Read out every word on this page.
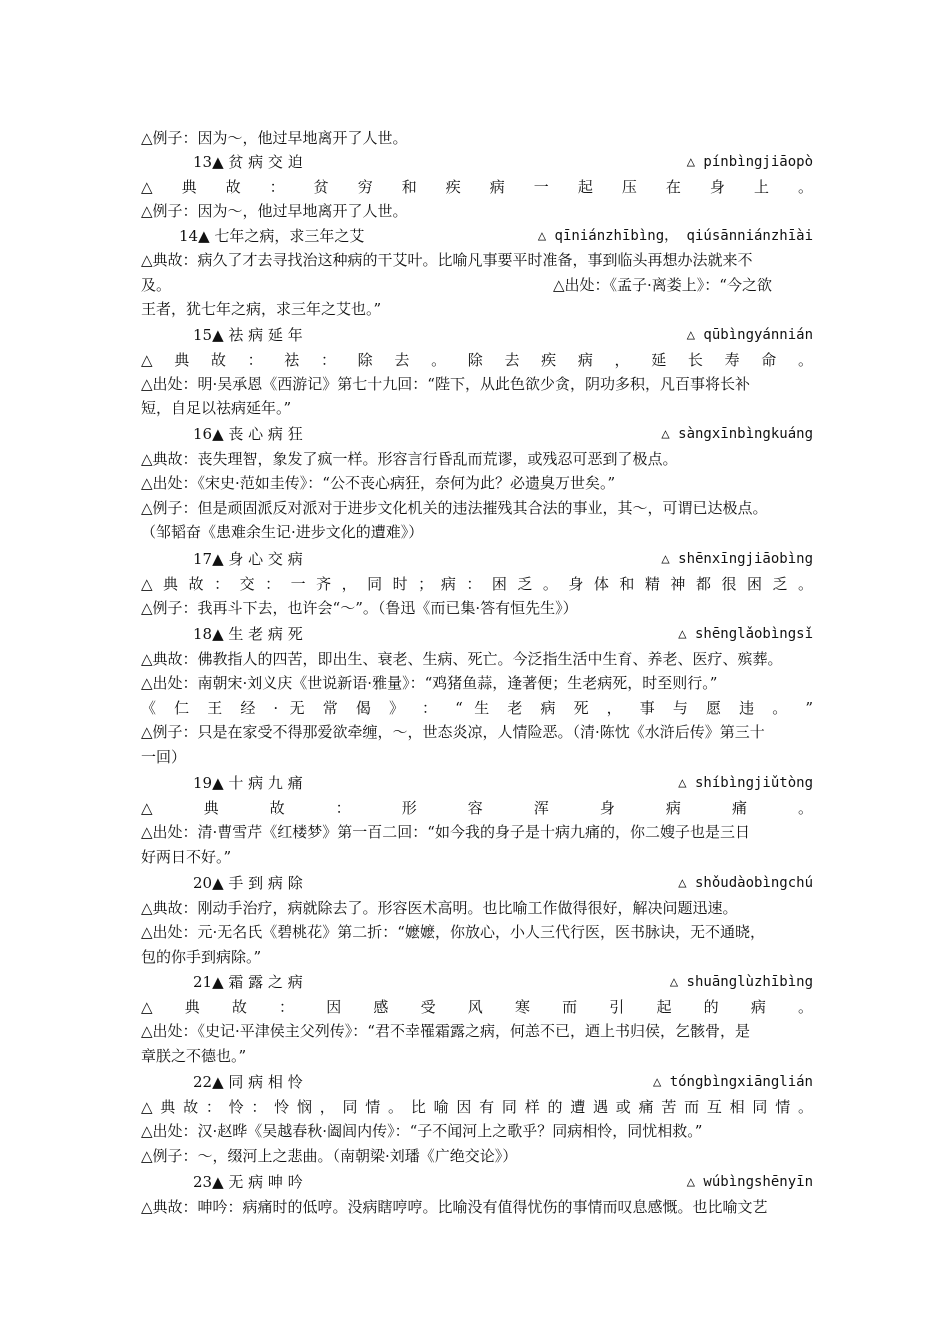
△例子：因为～，他过早地离开了人世。
13▲ 贫 病 交 迫	△ pínbìngjiāopò
△ 典 故 ： 贫 穷 和 疾 病 一 起 压 在 身 上 。
△例子：因为～，他过早地离开了人世。
14▲ 七年之病，求三年之艾	△ qīniánzhībìng， qiúsānniánzhīài
△典故：病久了才去寻找治这种病的干艾叶。比喻凡事要平时准备，事到临头再想办法就来不
及。	△出处：《孟子·离娄上》：“今之欲
王者，犹七年之病，求三年之艾也。”
15▲ 祛 病 延 年	△ qūbìngyánnián
△ 典 故 ： 祛 ： 除 去 。 除 去 疾 病 ， 延 长 寿 命 。
△出处：明·吴承恩《西游记》第七十九回：“陛下，从此色欲少贪，阴功多积，凡百事将长补
短，自足以祛病延年。”
16▲ 丧 心 病 狂	△ sàngxīnbìngkuáng
△典故：丧失理智，象发了疯一样。形容言行昏乱而荒谬，或残忍可恶到了极点。
△出处：《宋史·范如圭传》：“公不丧心病狂，奈何为此？必遗臭万世矣。”
△例子：但是顽固派反对派对于进步文化机关的违法摧残其合法的事业，其～，可谓已达极点。
（邹韬奋《患难余生记·进步文化的遭难》）
17▲ 身 心 交 病	△ shēnxīngjiāobìng
△ 典 故 ： 交 ： 一 齐 ， 同 时 ； 病 ： 困 乏 。 身 体 和 精 神 都 很 困 乏 。
△例子：我再斗下去，也许会“～”。（鲁迅《而已集·答有恒先生》）
18▲ 生 老 病 死	△ shēnglǎobìngsǐ
△典故：佛教指人的四苦，即出生、衰老、生病、死亡。今泛指生活中生育、养老、医疗、殡葬。
△出处：南朝宋·刘义庆《世说新语·雅量》：“鸡猪鱼蒜，逢著便；生老病死，时至则行。”
《 仁 王 经 · 无 常 偈 》 ： “ 生 老 病 死 ， 事 与 愿 违 。 ”
△例子：只是在家受不得那爱欲牵缠，～，世态炎凉，人情险恶。（清·陈忱《水浒后传》第三十
一回）
19▲ 十 病 九 痛	△ shíbìngjiǔtòng
△ 典 故 ： 形 容 浑 身 病 痛 。
△出处：清·曹雪芹《红楼梦》第一百二回：“如今我的身子是十病九痛的，你二嫂子也是三日
好两日不好。”
20▲ 手 到 病 除	△ shǒudàobìngchú
△典故：刚动手治疗，病就除去了。形容医术高明。也比喻工作做得很好，解决问题迅速。
△出处：元·无名氏《碧桃花》第二折：“嬷嬷，你放心，小人三代行医，医书脉诀，无不通晓，
包的你手到病除。”
21▲ 霜 露 之 病	△ shuānglùzhībìng
△ 典 故 ： 因 感 受 风 寒 而 引 起 的 病 。
△出处：《史记·平津侯主父列传》：“君不幸罹霜露之病，何恙不已，迺上书归侯，乞骸骨，是
章朕之不德也。”
22▲ 同 病 相 怜	△ tóngbìngxiānglián
△ 典 故 ： 怜 ： 怜 悯 ， 同 情 。 比 喻 因 有 同 样 的 遭 遇 或 痛 苦 而 互 相 同 情 。
△出处：汉·赵晔《吴越春秋·阖闾内传》：“子不闻河上之歌乎？同病相怜，同忧相救。”
△例子：～，缀河上之悲曲。（南朝梁·刘璠《广绝交论》）
23▲ 无 病 呻 吟	△ wúbìngshēnyīn
△典故：呻吟：病痛时的低哼。没病瞎哼哼。比喻没有值得忧伤的事情而叹息感慨。也比喻文艺
